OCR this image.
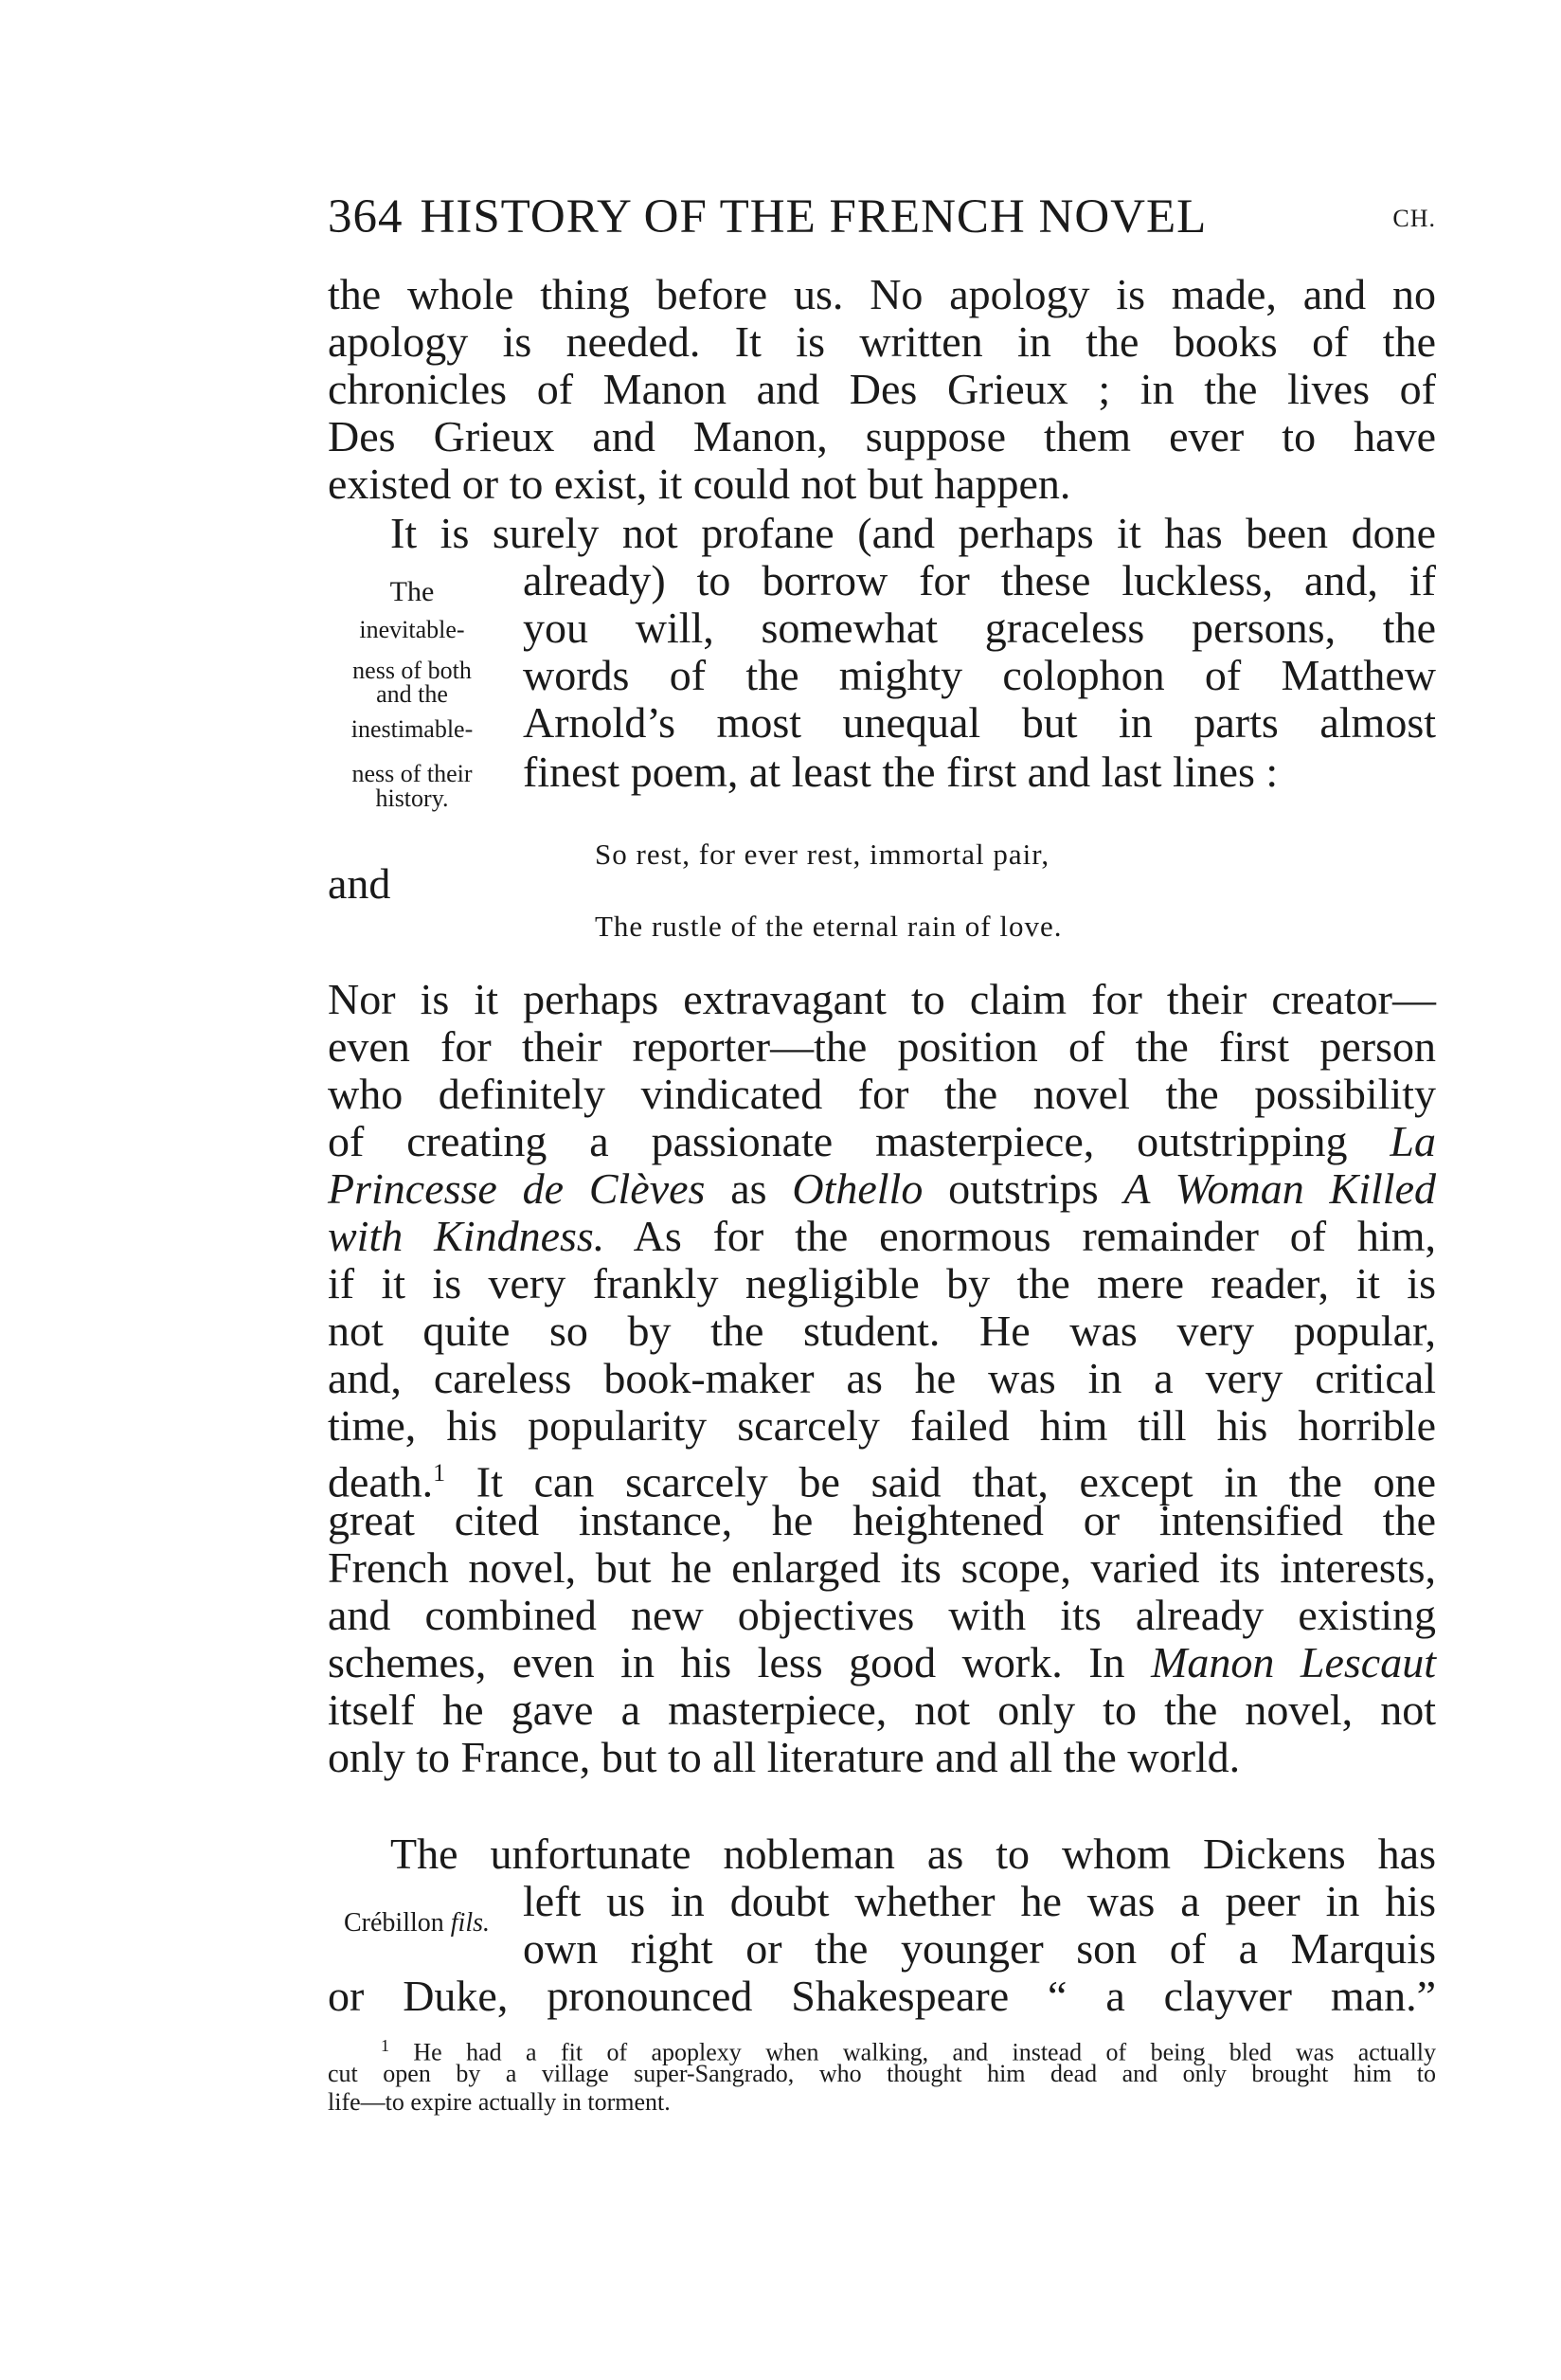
364 HISTORY OF THE FRENCH NOVEL	CH.
the whole thing before us. No apology is made, and no
apology is needed. It is written in the books of the
chronicles of Manon and Des Grieux ; in the lives of
Des Grieux and Manon, suppose them ever to have
existed or to exist, it could not but happen.
It is surely not profane (and perhaps it has been done
already) to borrow for these luckless, and, if
you will, somewhat graceless persons, the
words of the mighty colophon of Matthew
Arnold’s most unequal but in parts almost
finest poem, at least the first and last lines :
The
inevitable-
ness of both
and the
inestimable-
ness of their
history.
So rest, for ever rest, immortal pair,
and
The rustle of the eternal rain of love.
Nor is it perhaps extravagant to claim for their creator—
even for their reporter—the position of the first person
who definitely vindicated for the novel the possibility
of creating a passionate masterpiece, outstripping La
Princesse de Clèves as Othello outstrips A Woman Killed
with Kindness. As for the enormous remainder of him,
if it is very frankly negligible by the mere reader, it is
not quite so by the student. He was very popular,
and, careless book-maker as he was in a very critical
time, his popularity scarcely failed him till his horrible
death.$^1$ It can scarcely be said that, except in the one
great cited instance, he heightened or intensified the
French novel, but he enlarged its scope, varied its interests,
and combined new objectives with its already existing
schemes, even in his less good work. In Manon Lescaut
itself he gave a masterpiece, not only to the novel, not
only to France, but to all literature and all the world.
The unfortunate nobleman as to whom Dickens has
left us in doubt whether he was a peer in his
own right or the younger son of a Marquis
or Duke, pronounced Shakespeare “ a clayver man.”
Crébillon fils.
$^1$ He had a fit of apoplexy when walking, and instead of being bled was actually
cut open by a village super-Sangrado, who thought him dead and only brought him to
life—to expire actually in torment.
